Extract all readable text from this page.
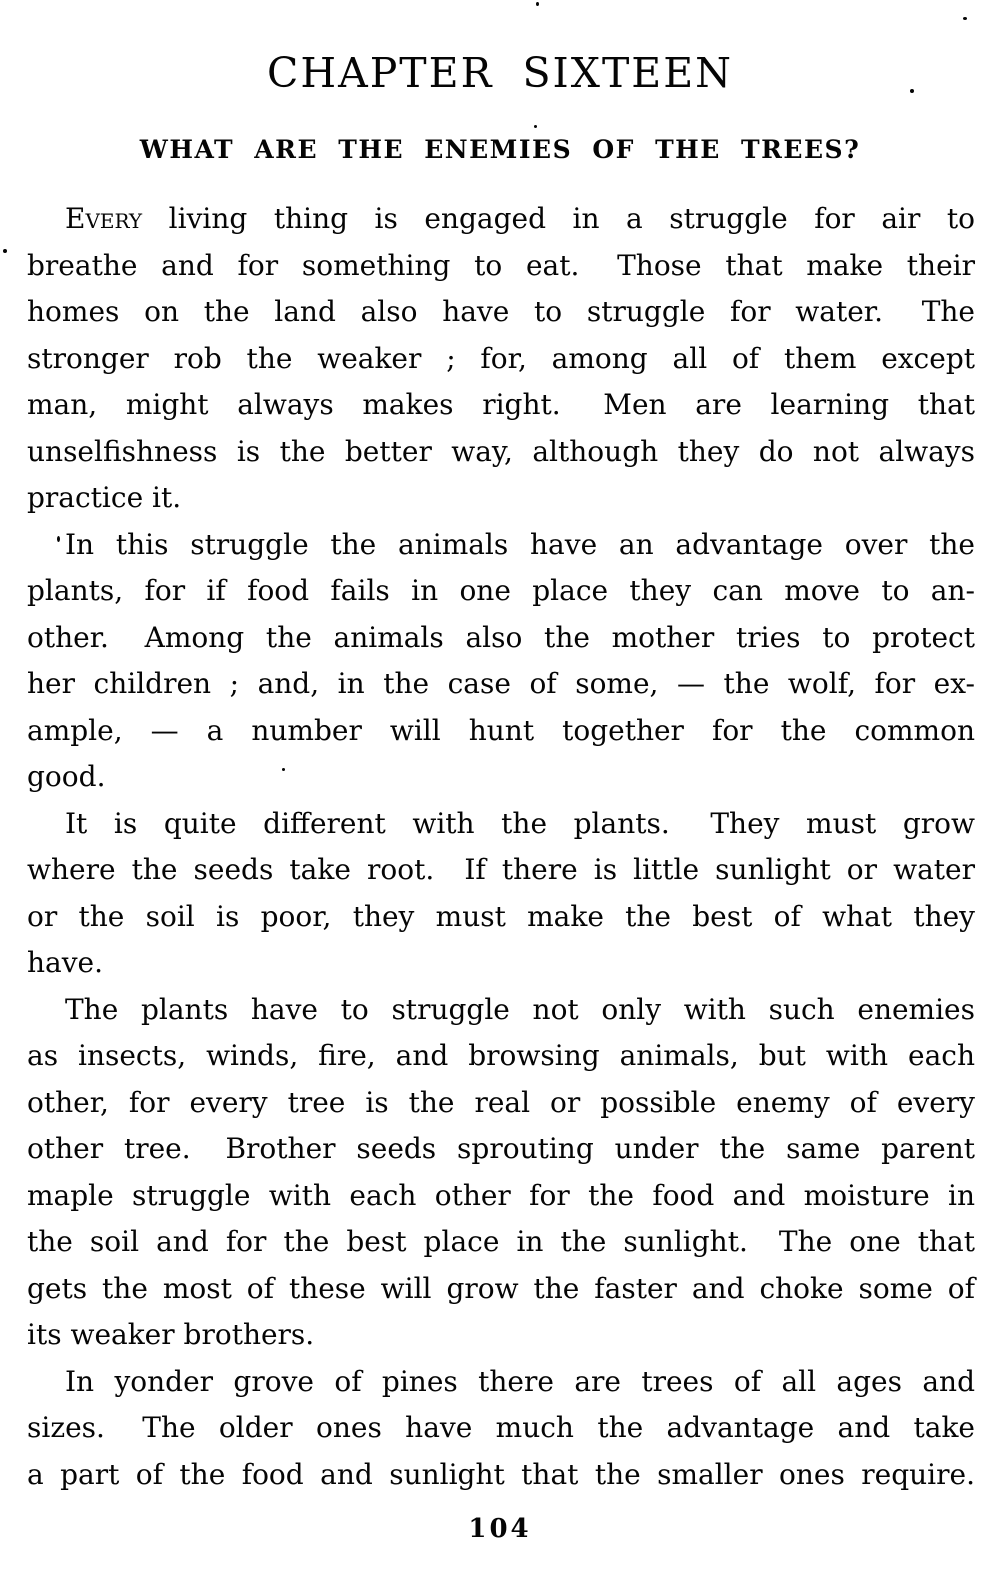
CHAPTER SIXTEEN
WHAT ARE THE ENEMIES OF THE TREES?
Every living thing is engaged in a struggle for air to
breathe and for something to eat.  Those that make their
homes on the land also have to struggle for water.  The
stronger rob the weaker ; for, among all of them except
man, might always makes right.  Men are learning that
unselfishness is the better way, although they do not always
practice it.
In this struggle the animals have an advantage over the
plants, for if food fails in one place they can move to an-
other.  Among the animals also the mother tries to protect
her children ; and, in the case of some, — the wolf, for ex-
ample, — a number will hunt together for the common
good.
It is quite different with the plants.  They must grow
where the seeds take root.  If there is little sunlight or water
or the soil is poor, they must make the best of what they
have.
The plants have to struggle not only with such enemies
as insects, winds, fire, and browsing animals, but with each
other, for every tree is the real or possible enemy of every
other tree.  Brother seeds sprouting under the same parent
maple struggle with each other for the food and moisture in
the soil and for the best place in the sunlight.  The one that
gets the most of these will grow the faster and choke some of
its weaker brothers.
In yonder grove of pines there are trees of all ages and
sizes.  The older ones have much the advantage and take
a part of the food and sunlight that the smaller ones require.
104
